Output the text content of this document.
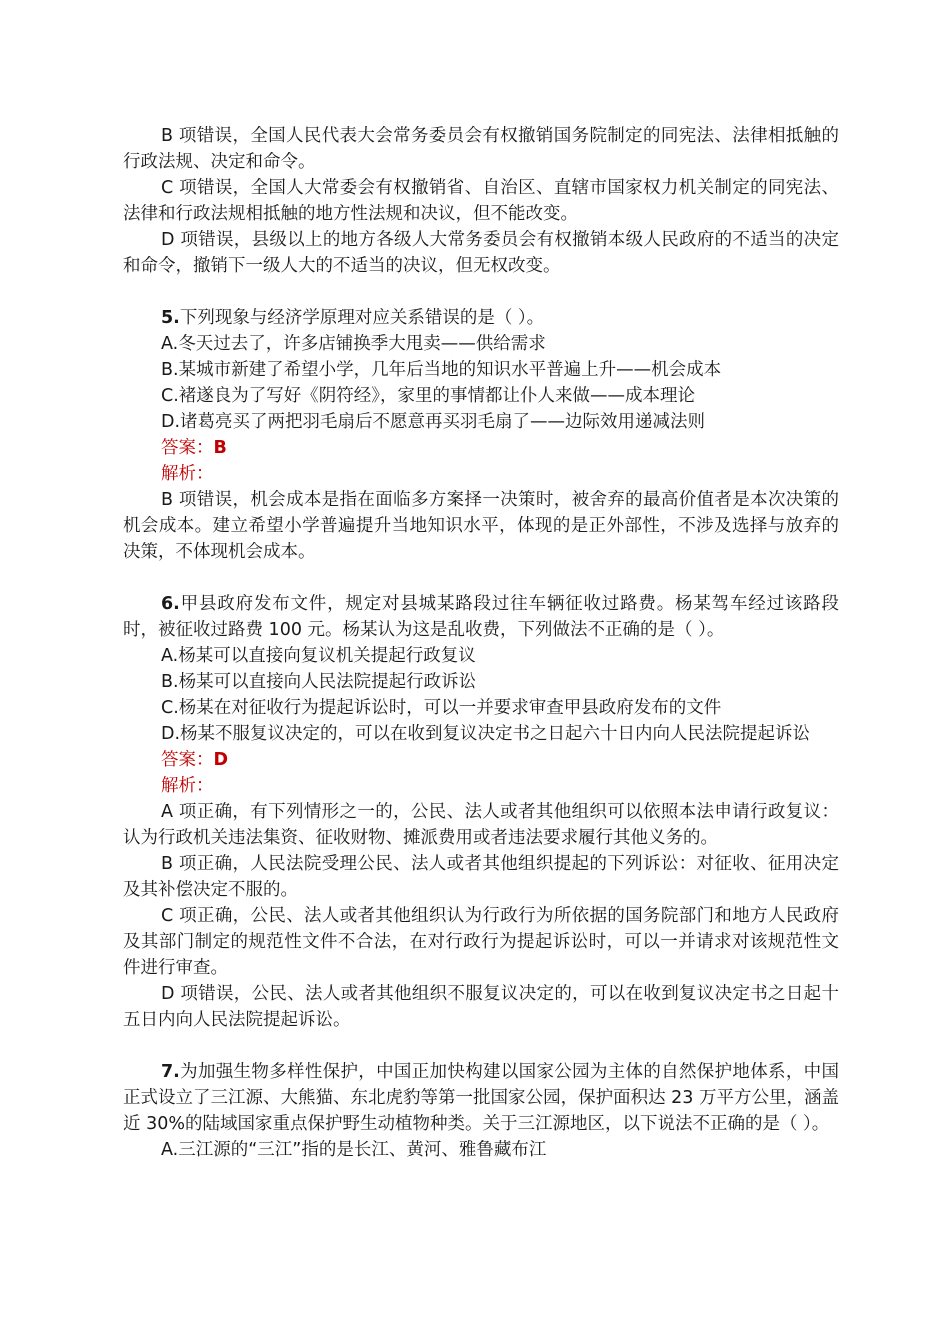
B 项错误，全国人民代表大会常务委员会有权撤销国务院制定的同宪法、法律相抵触的行政法规、决定和命令。

C 项错误，全国人大常委会有权撤销省、自治区、直辖市国家权力机关制定的同宪法、法律和行政法规相抵触的地方性法规和决议，但不能改变。

D 项错误，县级以上的地方各级人大常务委员会有权撤销本级人民政府的不适当的决定和命令，撤销下一级人大的不适当的决议，但无权改变。

5.下列现象与经济学原理对应关系错误的是（ ）。

A.冬天过去了，许多店铺换季大甩卖——供给需求

B.某城市新建了希望小学，几年后当地的知识水平普遍上升——机会成本

C.褚遂良为了写好《阴符经》，家里的事情都让仆人来做——成本理论

D.诸葛亮买了两把羽毛扇后不愿意再买羽毛扇了——边际效用递减法则

答案：B

解析：

B 项错误，机会成本是指在面临多方案择一决策时，被舍弃的最高价值者是本次决策的机会成本。建立希望小学普遍提升当地知识水平，体现的是正外部性，不涉及选择与放弃的决策，不体现机会成本。

6.甲县政府发布文件，规定对县城某路段过往车辆征收过路费。杨某驾车经过该路段时，被征收过路费 100 元。杨某认为这是乱收费，下列做法不正确的是（ ）。

A.杨某可以直接向复议机关提起行政复议

B.杨某可以直接向人民法院提起行政诉讼

C.杨某在对征收行为提起诉讼时，可以一并要求审查甲县政府发布的文件

D.杨某不服复议决定的，可以在收到复议决定书之日起六十日内向人民法院提起诉讼

答案：D

解析：

A 项正确，有下列情形之一的，公民、法人或者其他组织可以依照本法申请行政复议：认为行政机关违法集资、征收财物、摊派费用或者违法要求履行其他义务的。

B 项正确，人民法院受理公民、法人或者其他组织提起的下列诉讼：对征收、征用决定及其补偿决定不服的。

C 项正确，公民、法人或者其他组织认为行政行为所依据的国务院部门和地方人民政府及其部门制定的规范性文件不合法，在对行政行为提起诉讼时，可以一并请求对该规范性文件进行审查。

D 项错误，公民、法人或者其他组织不服复议决定的，可以在收到复议决定书之日起十五日内向人民法院提起诉讼。

7.为加强生物多样性保护，中国正加快构建以国家公园为主体的自然保护地体系，中国正式设立了三江源、大熊猫、东北虎豹等第一批国家公园，保护面积达 23 万平方公里，涵盖近 30%的陆域国家重点保护野生动植物种类。关于三江源地区，以下说法不正确的是（ ）。

A.三江源的“三江”指的是长江、黄河、雅鲁藏布江
